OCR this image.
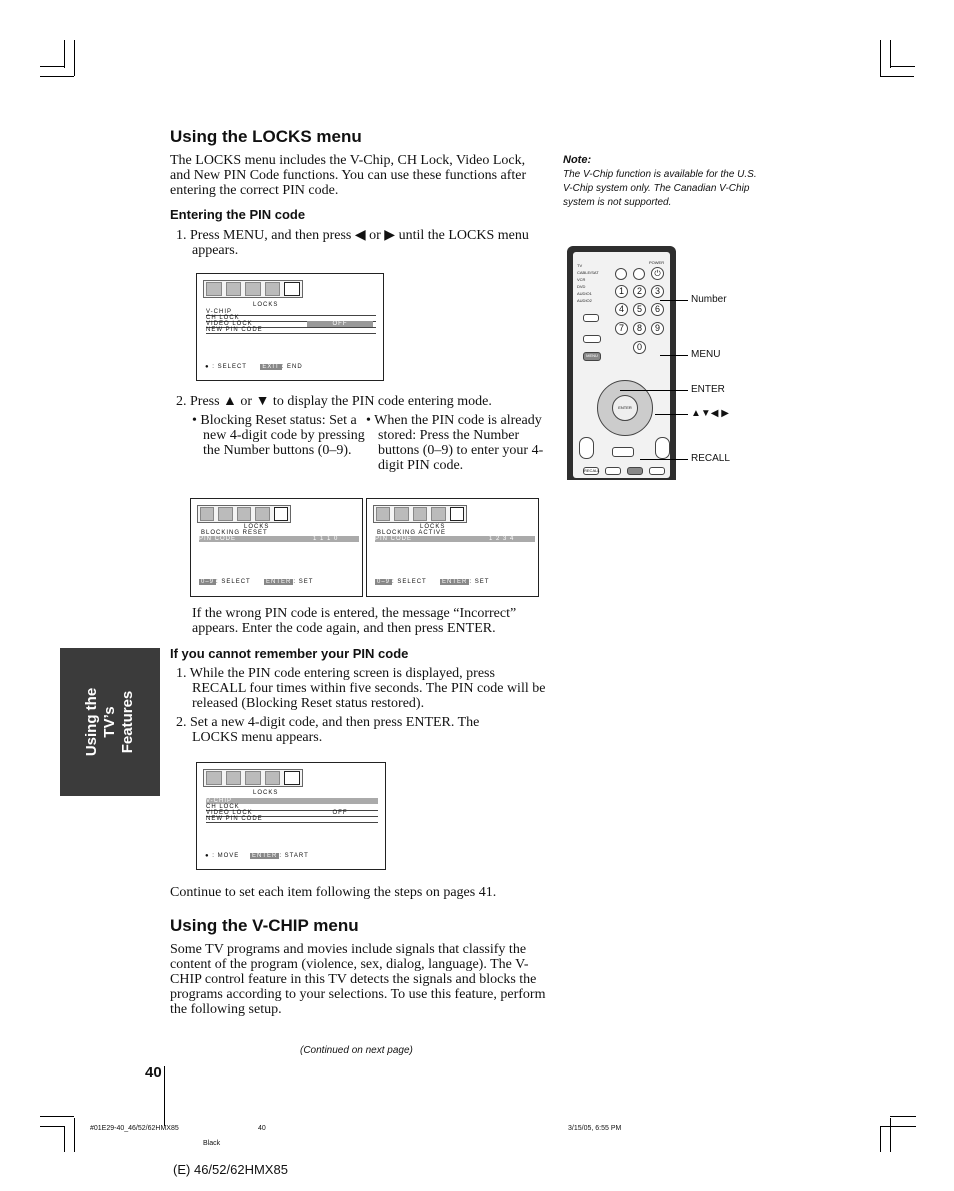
Using the TV’s Features
Using the LOCKS menu
The LOCKS menu includes the V-Chip, CH Lock, Video Lock, and New PIN Code functions. You can use these functions after entering the correct PIN code.
Entering the PIN code
1. Press MENU, and then press ◀ or ▶ until the LOCKS menu appears.
LOCKS
V-CHIP
CH LOCK
VIDEO LOCK	OFF
NEW PIN CODE
● : SELECT	EXIT : END
2. Press ▲ or ▼ to display the PIN code entering mode.
• Blocking Reset status: Set a new 4-digit code by pressing the Number buttons (0–9).
• When the PIN code is already stored: Press the Number buttons (0–9) to enter your 4-digit PIN code.
LOCKS
BLOCKING RESET
PIN CODE	1 1 1 0
0–9 : SELECT	ENTER : SET
LOCKS
BLOCKING ACTIVE
PIN CODE	1 2 3 4
0–9 : SELECT	ENTER : SET
If the wrong PIN code is entered, the message “Incorrect” appears. Enter the code again, and then press ENTER.
If you cannot remember your PIN code
1. While the PIN code entering screen is displayed, press RECALL four times within five seconds. The PIN code will be released (Blocking Reset status restored).
2. Set a new 4-digit code, and then press ENTER. The LOCKS menu appears.
LOCKS
V-CHIP
CH LOCK
VIDEO LOCK	OFF
NEW PIN CODE
● : MOVE ENTER : START
Continue to set each item following the steps on pages 41.
Using the V-CHIP menu
Some TV programs and movies include signals that classify the content of the program (violence, sex, dialog, language). The V-CHIP control feature in this TV detects the signals and blocks the programs according to your selections. To use this feature, perform the following setup.
(Continued on next page)
Note:
The V-Chip function is available for the U.S. V-Chip system only. The Canadian V-Chip system is not supported.
TV
CABLE/SAT
VCR
DVD
AUDIO1
AUDIO2
POWER
⏻
1	2	3
4	5	6
7	8	9
0
MENU
ENTER
RECALL
Number
MENU
ENTER
▲▼◀ ▶
RECALL
40
#01E29-40_46/52/62HMX85	40	3/15/05, 6:55 PM
Black
(E) 46/52/62HMX85
